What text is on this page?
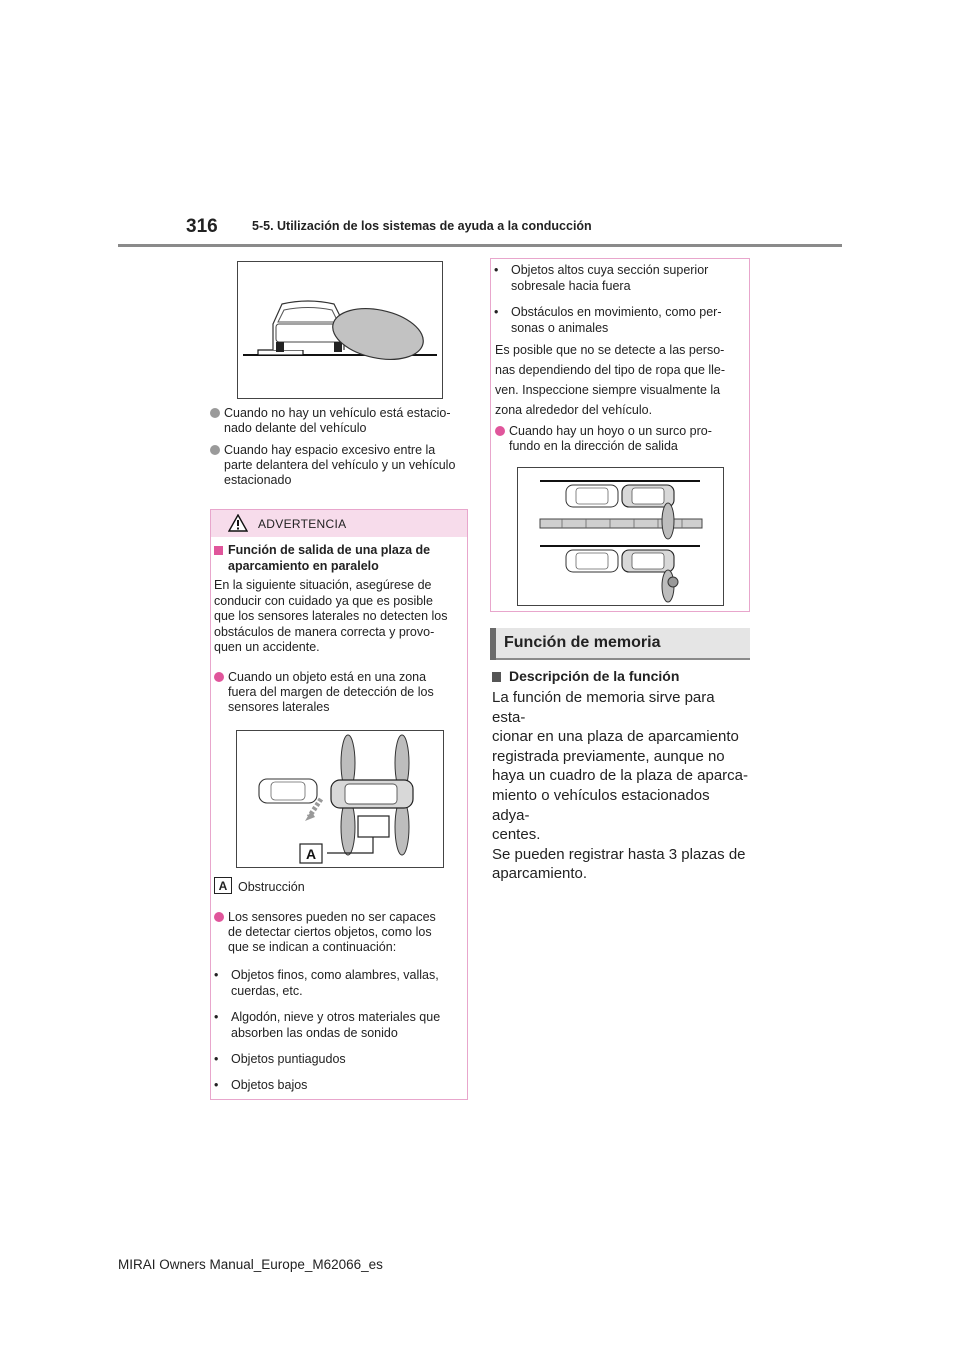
316	5-5. Utilización de los sistemas de ayuda a la conducción
Cuando no hay un vehículo está estacio-
nado delante del vehículo
Cuando hay espacio excesivo entre la
parte delantera del vehículo y un vehículo
estacionado
ADVERTENCIA
Función de salida de una plaza de
aparcamiento en paralelo
En la siguiente situación, asegúrese de
conducir con cuidado ya que es posible
que los sensores laterales no detecten los
obstáculos de manera correcta y provo-
quen un accidente.
Cuando un objeto está en una zona
fuera del margen de detección de los
sensores laterales
A
A Obstrucción
Los sensores pueden no ser capaces
de detectar ciertos objetos, como los
que se indican a continuación:
• Objetos finos, como alambres, vallas,
cuerdas, etc.
• Algodón, nieve y otros materiales que
absorben las ondas de sonido
• Objetos puntiagudos
• Objetos bajos
• Objetos altos cuya sección superior
sobresale hacia fuera
• Obstáculos en movimiento, como per-
sonas o animales
Es posible que no se detecte a las perso-
nas dependiendo del tipo de ropa que lle-
ven. Inspeccione siempre visualmente la
zona alrededor del vehículo.
Cuando hay un hoyo o un surco pro-
fundo en la dirección de salida
Función de memoria
Descripción de la función
La función de memoria sirve para esta-
cionar en una plaza de aparcamiento
registrada previamente, aunque no
haya un cuadro de la plaza de aparca-
miento o vehículos estacionados adya-
centes.
Se pueden registrar hasta 3 plazas de
aparcamiento.
MIRAI Owners Manual_Europe_M62066_es
